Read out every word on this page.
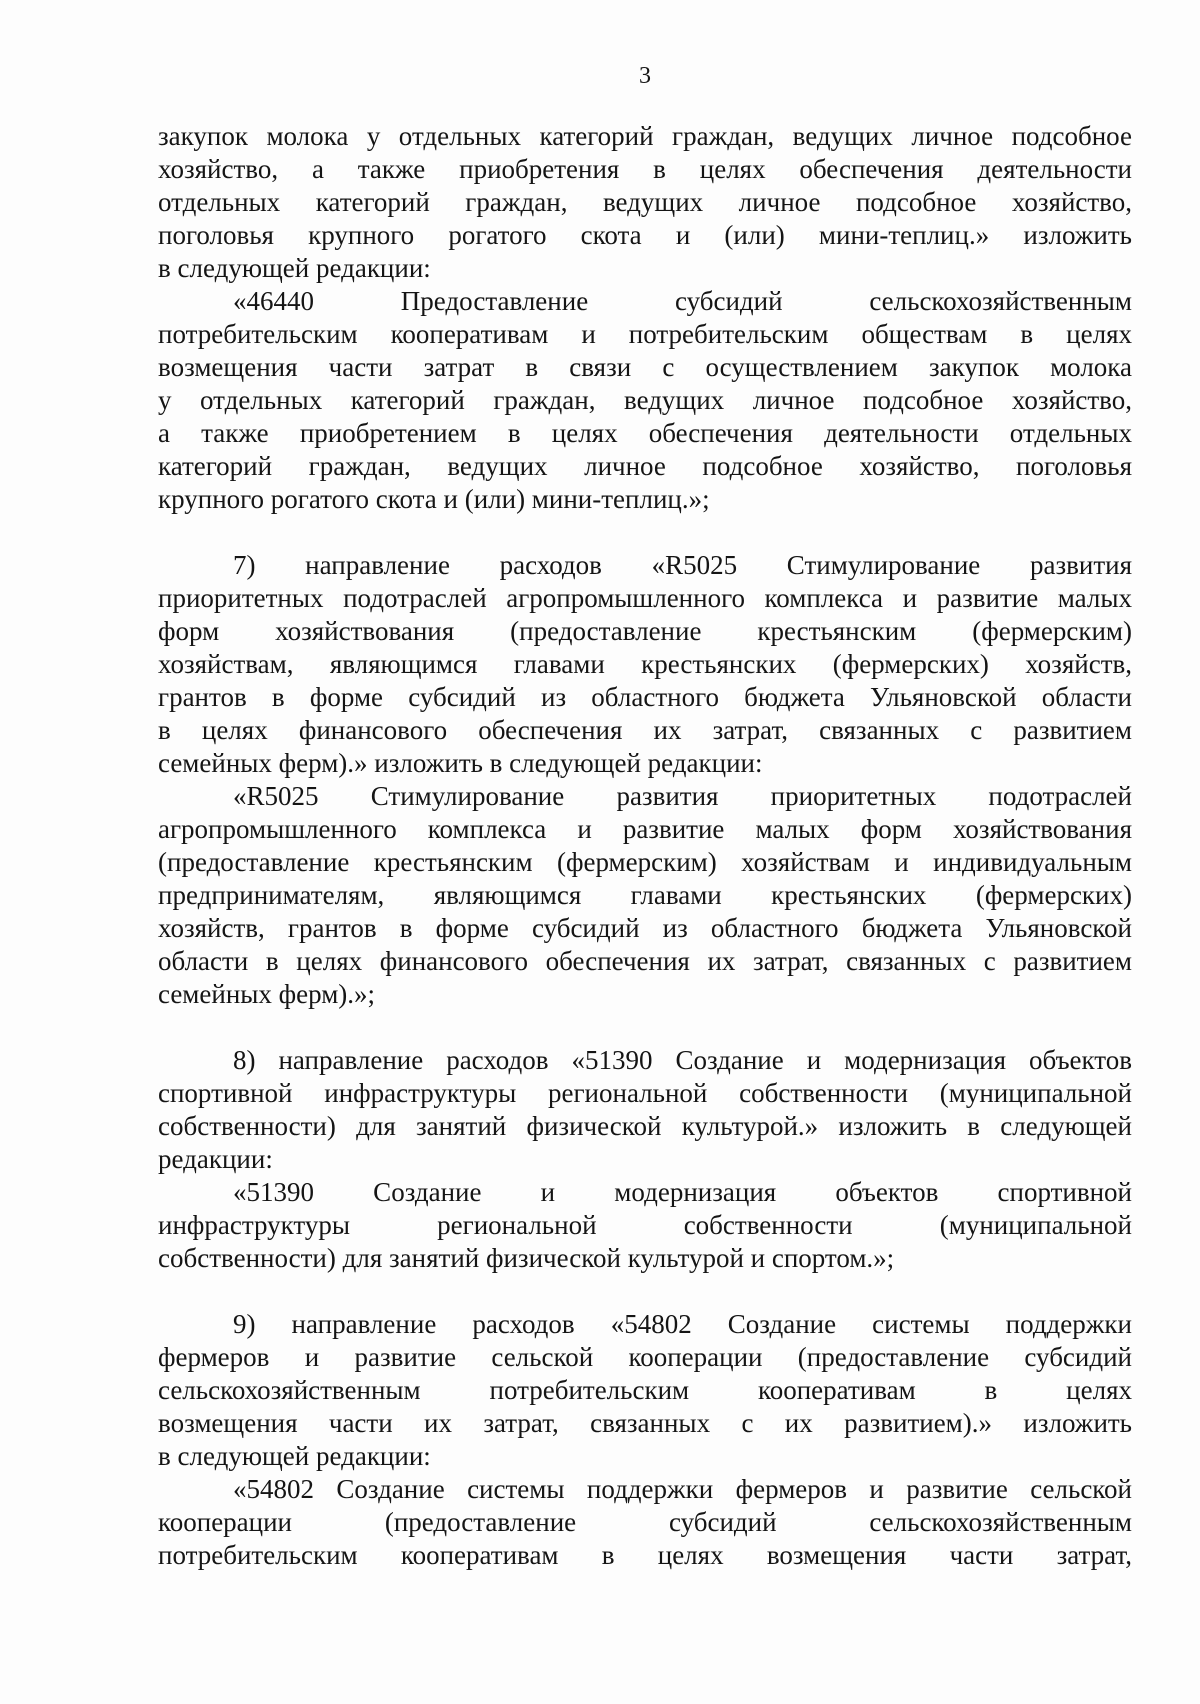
3
закупок молока у отдельных категорий граждан, ведущих личное подсобное
хозяйство, а также приобретения в целях обеспечения деятельности
отдельных категорий граждан, ведущих личное подсобное хозяйство,
поголовья крупного рогатого скота и (или) мини-теплиц.» изложить
в следующей редакции:
«46440 Предоставление субсидий сельскохозяйственным
потребительским кооперативам и потребительским обществам в целях
возмещения части затрат в связи с осуществлением закупок молока
у отдельных категорий граждан, ведущих личное подсобное хозяйство,
а также приобретением в целях обеспечения деятельности отдельных
категорий граждан, ведущих личное подсобное хозяйство, поголовья
крупного рогатого скота и (или) мини-теплиц.»;
7) направление расходов «R5025 Стимулирование развития
приоритетных подотраслей агропромышленного комплекса и развитие малых
форм хозяйствования (предоставление крестьянским (фермерским)
хозяйствам, являющимся главами крестьянских (фермерских) хозяйств,
грантов в форме субсидий из областного бюджета Ульяновской области
в целях финансового обеспечения их затрат, связанных с развитием
семейных ферм).» изложить в следующей редакции:
«R5025 Стимулирование развития приоритетных подотраслей
агропромышленного комплекса и развитие малых форм хозяйствования
(предоставление крестьянским (фермерским) хозяйствам и индивидуальным
предпринимателям, являющимся главами крестьянских (фермерских)
хозяйств, грантов в форме субсидий из областного бюджета Ульяновской
области в целях финансового обеспечения их затрат, связанных с развитием
семейных ферм).»;
8) направление расходов «51390 Создание и модернизация объектов
спортивной инфраструктуры региональной собственности (муниципальной
собственности) для занятий физической культурой.» изложить в следующей
редакции:
«51390 Создание и модернизация объектов спортивной
инфраструктуры региональной собственности (муниципальной
собственности) для занятий физической культурой и спортом.»;
9) направление расходов «54802 Создание системы поддержки
фермеров и развитие сельской кооперации (предоставление субсидий
сельскохозяйственным потребительским кооперативам в целях
возмещения части их затрат, связанных с их развитием).» изложить
в следующей редакции:
«54802 Создание системы поддержки фермеров и развитие сельской
кооперации (предоставление субсидий сельскохозяйственным
потребительским кооперативам в целях возмещения части затрат,
